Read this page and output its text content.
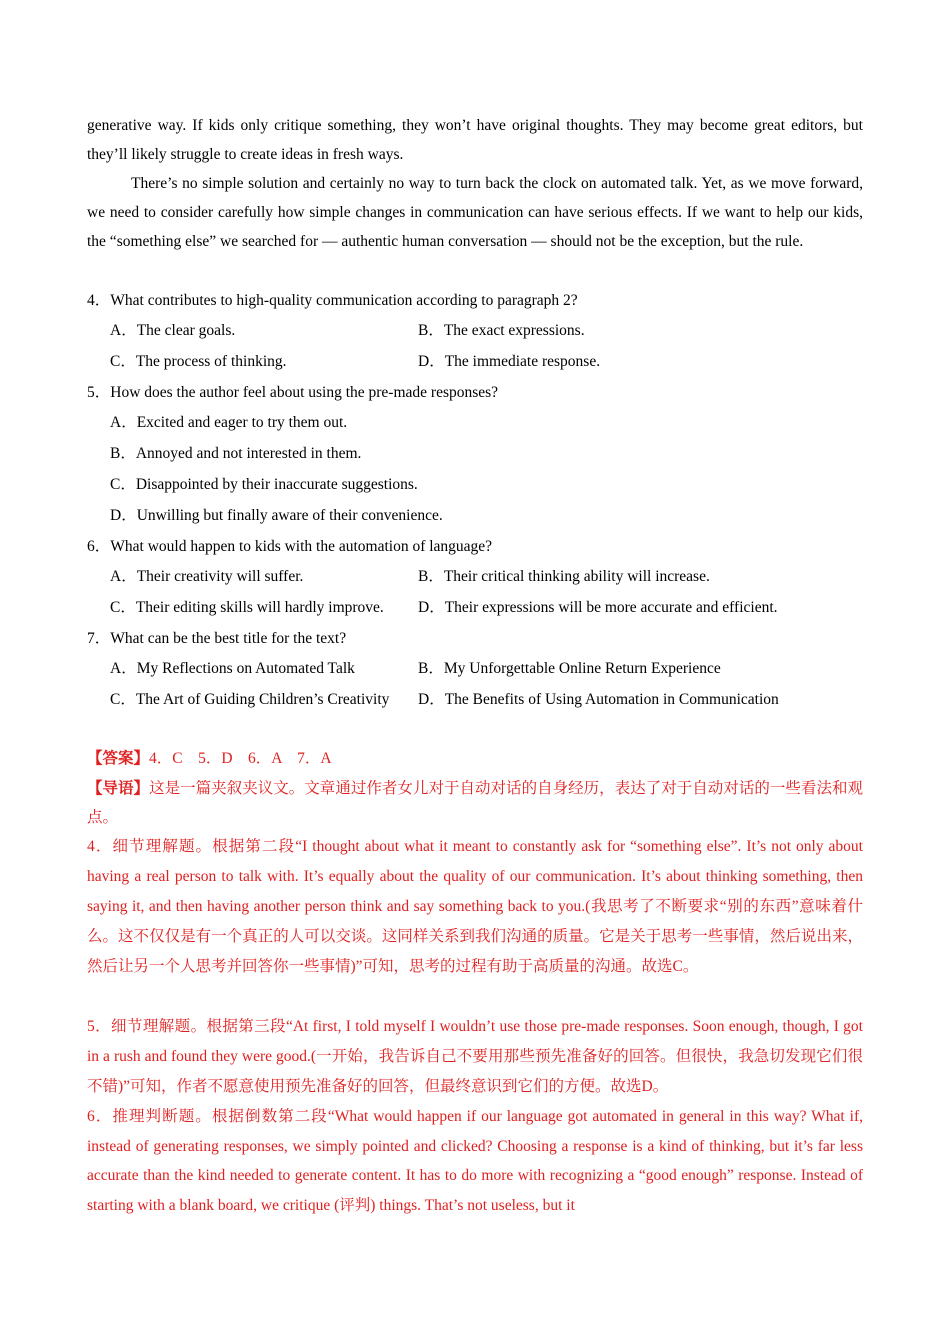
generative way. If kids only critique something, they won’t have original thoughts. They may become great editors, but they’ll likely struggle to create ideas in fresh ways.

There’s no simple solution and certainly no way to turn back the clock on automated talk. Yet, as we move forward, we need to consider carefully how simple changes in communication can have serious effects. If we want to help our kids, the “something else” we searched for — authentic human conversation — should not be the exception, but the rule.

4．What contributes to high-quality communication according to paragraph 2?

A．The clear goals.	B．The exact expressions.

C．The process of thinking.	D．The immediate response.

5．How does the author feel about using the pre-made responses?

A．Excited and eager to try them out.

B．Annoyed and not interested in them.

C．Disappointed by their inaccurate suggestions.

D．Unwilling but finally aware of their convenience.

6．What would happen to kids with the automation of language?

A．Their creativity will suffer.	B．Their critical thinking ability will increase.

C．Their editing skills will hardly improve. D．Their expressions will be more accurate and efficient.

7．What can be the best title for the text?

A．My Reflections on Automated Talk	B．My Unforgettable Online Return Experience

C．The Art of Guiding Children’s Creativity D．The Benefits of Using Automation in Communication

【答案】4．C　5．D　6．A　7．A

【导语】这是一篇夹叙夹议文。文章通过作者女儿对于自动对话的自身经历，表达了对于自动对话的一些看法和观点。

4．细节理解题。根据第二段“I thought about what it meant to constantly ask for “something else”. It’s not only about having a real person to talk with. It’s equally about the quality of our communication. It’s about thinking something, then saying it, and then having another person think and say something back to you.(我思考了不断要求“别的东西”意味着什么。这不仅仅是有一个真正的人可以交谈。这同样关系到我们沟通的质量。它是关于思考一些事情，然后说出来，然后让另一个人思考并回答你一些事情)”可知，思考的过程有助于高质量的沟通。故选C。

5．细节理解题。根据第三段“At first, I told myself I wouldn’t use those pre-made responses. Soon enough, though, I got in a rush and found they were good.(一开始，我告诉自己不要用那些预先准备好的回答。但很快，我急切发现它们很不错)”可知，作者不愿意使用预先准备好的回答，但最终意识到它们的方便。故选D。

6．推理判断题。根据倒数第二段“What would happen if our language got automated in general in this way? What if, instead of generating responses, we simply pointed and clicked? Choosing a response is a kind of thinking, but it’s far less accurate than the kind needed to generate content. It has to do more with recognizing a “good enough” response. Instead of starting with a blank board, we critique (评判) things. That’s not useless, but it
